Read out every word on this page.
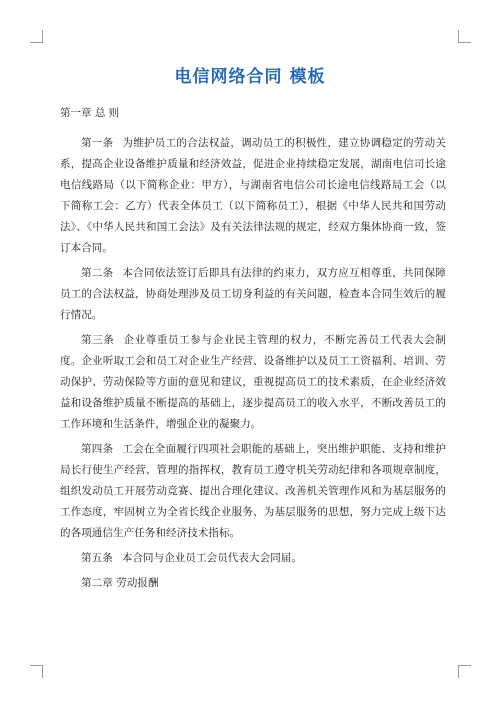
电信网络合同 模板

第一章 总 则

第一条 为维护员工的合法权益，调动员工的积极性，建立协调稳定的劳动关系，提高企业设备维护质量和经济效益，促进企业持续稳定发展，湖南电信司长途电信线路局（以下简称企业：甲方），与湖南省电信公司长途电信线路局工会（以下简称工会：乙方）代表全体员工（以下简称员工），根据《中华人民共和国劳动法》、《中华人民共和国工会法》及有关法律法规的规定，经双方集体协商一致，签订本合同。

第二条 本合同依法签订后即具有法律的约束力，双方应互相尊重，共同保障员工的合法权益，协商处理涉及员工切身利益的有关问题，检查本合同生效后的履行情况。

第三条 企业尊重员工参与企业民主管理的权力，不断完善员工代表大会制度。企业听取工会和员工对企业生产经营、设备维护以及员工工资福利、培训、劳动保护、劳动保险等方面的意见和建议，重视提高员工的技术素质，在企业经济效益和设备维护质量不断提高的基础上，逐步提高员工的收入水平，不断改善员工的工作环境和生活条件，增强企业的凝聚力。

第四条 工会在全面履行四项社会职能的基础上，突出维护职能、支持和维护局长行使生产经营、管理的指挥权，教育员工遵守机关劳动纪律和各项规章制度，组织发动员工开展劳动竞赛、提出合理化建议、改善机关管理作风和为基层服务的工作态度，牢固树立为全省长线企业服务、为基层服务的思想，努力完成上级下达的各项通信生产任务和经济技术指标。

第五条 本合同与企业员工会员代表大会同届。

第二章 劳动报酬
